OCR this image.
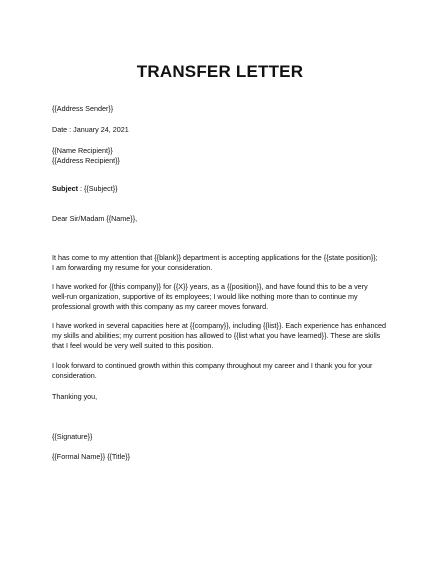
TRANSFER LETTER
{{Address Sender}}
Date : January 24, 2021
{{Name Recipient}}
{{Address Recipient}}
Subject : {{Subject}}
Dear Sir/Madam {{Name}},
It has come to my attention that {{blank}} department is accepting applications for the {{state position}};
I am forwarding my resume for your consideration.
I have worked for {{this company}} for {{X}} years, as a {{position}}, and have found this to be a very
well-run organization, supportive of its employees; I would like nothing more than to continue my
professional growth with this company as my career moves forward.
I have worked in several capacities here at {{company}}, including {{list}}. Each experience has enhanced
my skills and abilities; my current position has allowed to {{list what you have learned}}. These are skills
that I feel would be very well suited to this position.
I look forward to continued growth within this company throughout my career and I thank you for your
consideration.
Thanking you,
{{Signature}}
{{Formal Name}} {{Title}}
